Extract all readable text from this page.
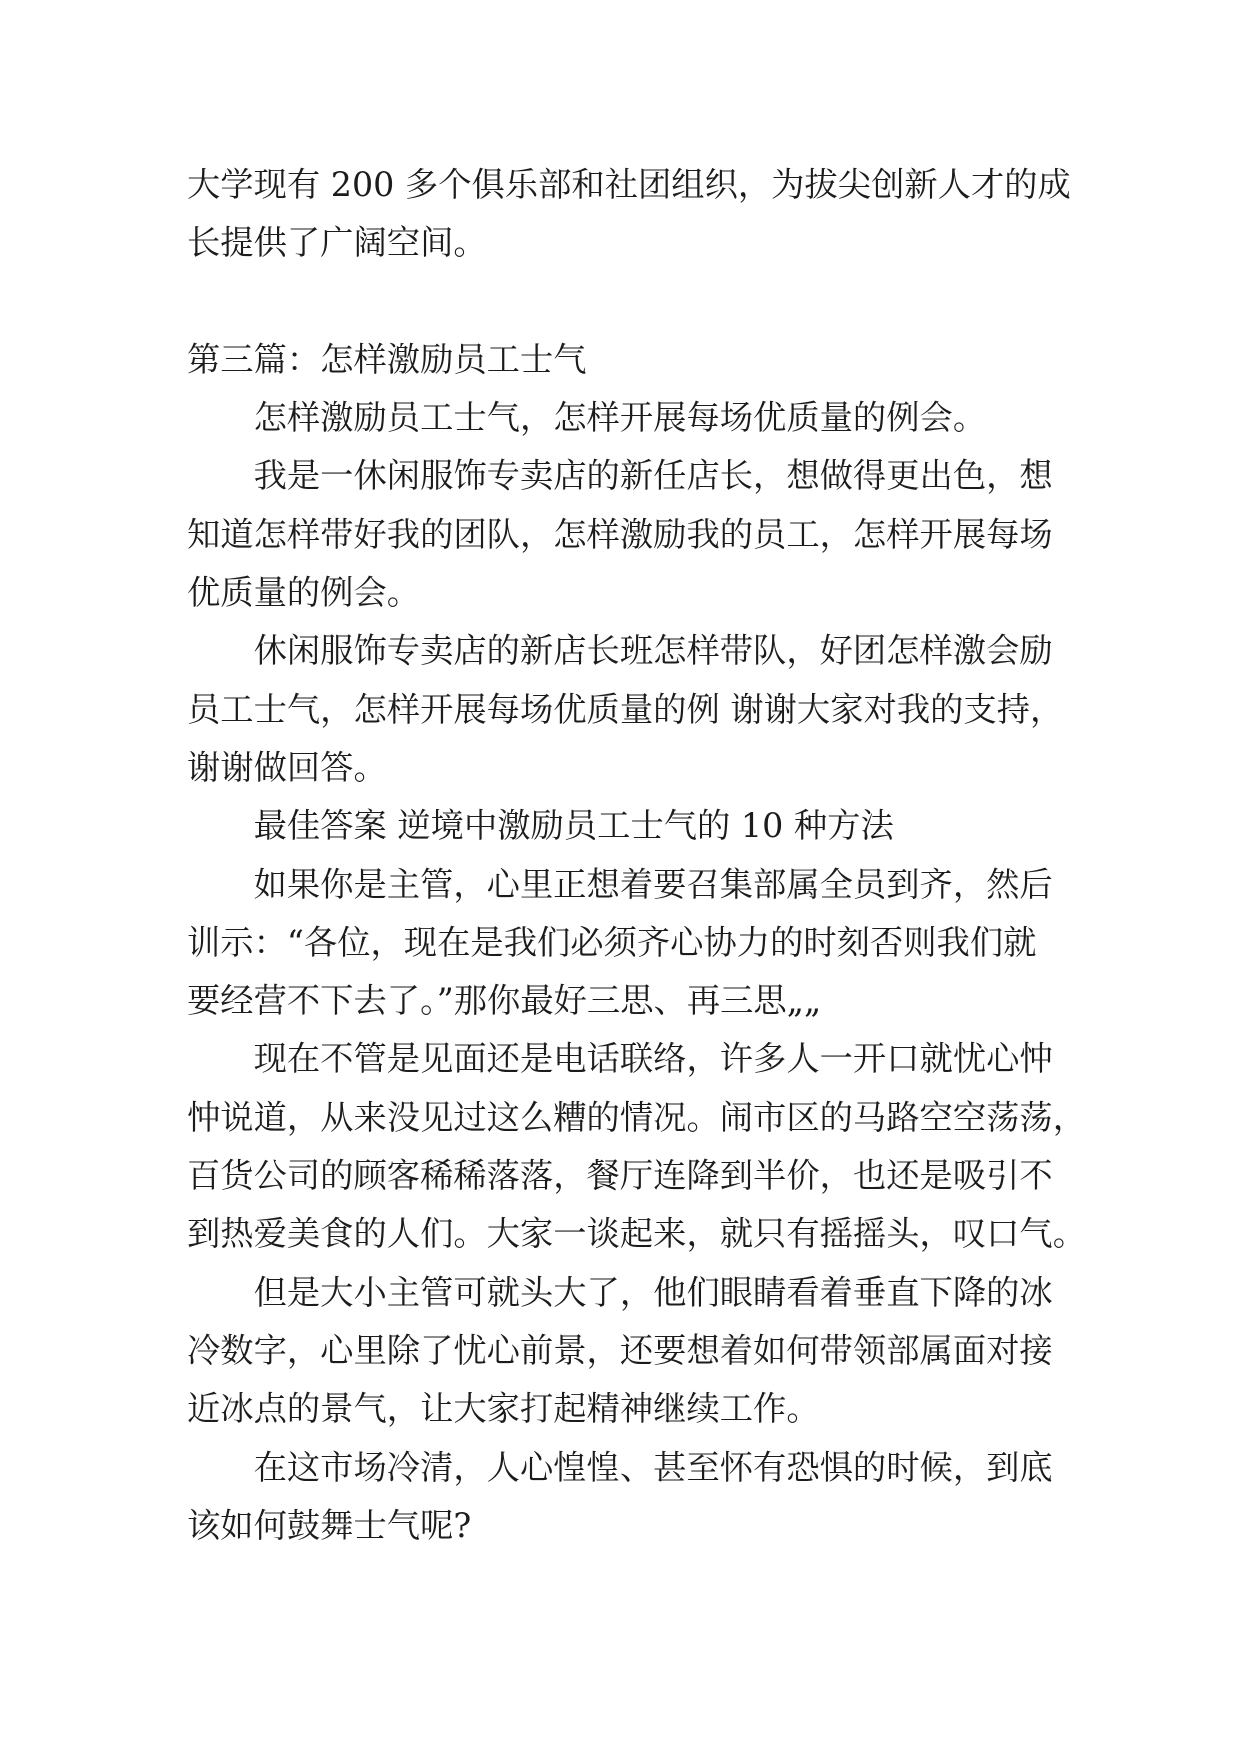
大学现有 200 多个俱乐部和社团组织，为拔尖创新人才的成
长提供了广阔空间。
第三篇：怎样激励员工士气
怎样激励员工士气，怎样开展每场优质量的例会。
我是一休闲服饰专卖店的新任店长，想做得更出色，想
知道怎样带好我的团队，怎样激励我的员工，怎样开展每场
优质量的例会。
休闲服饰专卖店的新店长班怎样带队，好团怎样激会励
员工士气，怎样开展每场优质量的例 谢谢大家对我的支持，
谢谢做回答。
最佳答案 逆境中激励员工士气的 10 种方法
如果你是主管，心里正想着要召集部属全员到齐，然后
训示：“各位，现在是我们必须齐心协力的时刻否则我们就
要经营不下去了。”那你最好三思、再三思„„
现在不管是见面还是电话联络，许多人一开口就忧心忡
忡说道，从来没见过这么糟的情况。闹市区的马路空空荡荡，
百货公司的顾客稀稀落落，餐厅连降到半价，也还是吸引不
到热爱美食的人们。大家一谈起来，就只有摇摇头，叹口气。
但是大小主管可就头大了，他们眼睛看着垂直下降的冰
冷数字，心里除了忧心前景，还要想着如何带领部属面对接
近冰点的景气，让大家打起精神继续工作。
在这市场冷清，人心惶惶、甚至怀有恐惧的时候，到底
该如何鼓舞士气呢?
